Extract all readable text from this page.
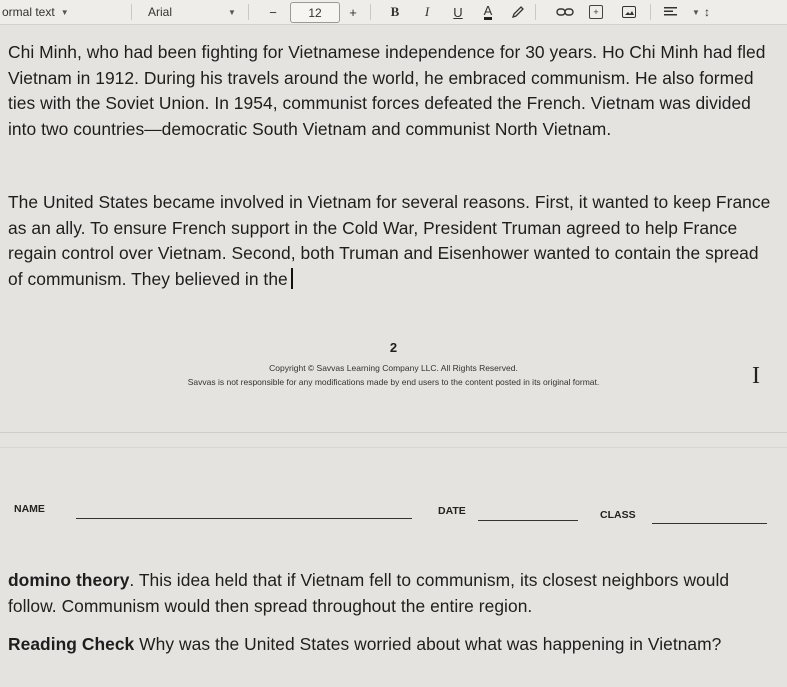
ormal text ▼	Arial	▼	−	12	+	B	I	U	A	+	▼ ↕
Chi Minh, who had been fighting for Vietnamese independence for 30 years. Ho Chi Minh had fled Vietnam in 1912. During his travels around the world, he embraced communism. He also formed ties with the Soviet Union. In 1954, communist forces defeated the French. Vietnam was divided into two countries—democratic South Vietnam and communist North Vietnam.
The United States became involved in Vietnam for several reasons. First, it wanted to keep France as an ally. To ensure French support in the Cold War, President Truman agreed to help France regain control over Vietnam. Second, both Truman and Eisenhower wanted to contain the spread of communism. They believed in the
2
Copyright © Savvas Learning Company LLC. All Rights Reserved.
Savvas is not responsible for any modifications made by end users to the content posted in its original format.	I
NAME	DATE	CLASS
domino theory. This idea held that if Vietnam fell to communism, its closest neighbors would follow. Communism would then spread throughout the entire region.
Reading Check Why was the United States worried about what was happening in Vietnam?
